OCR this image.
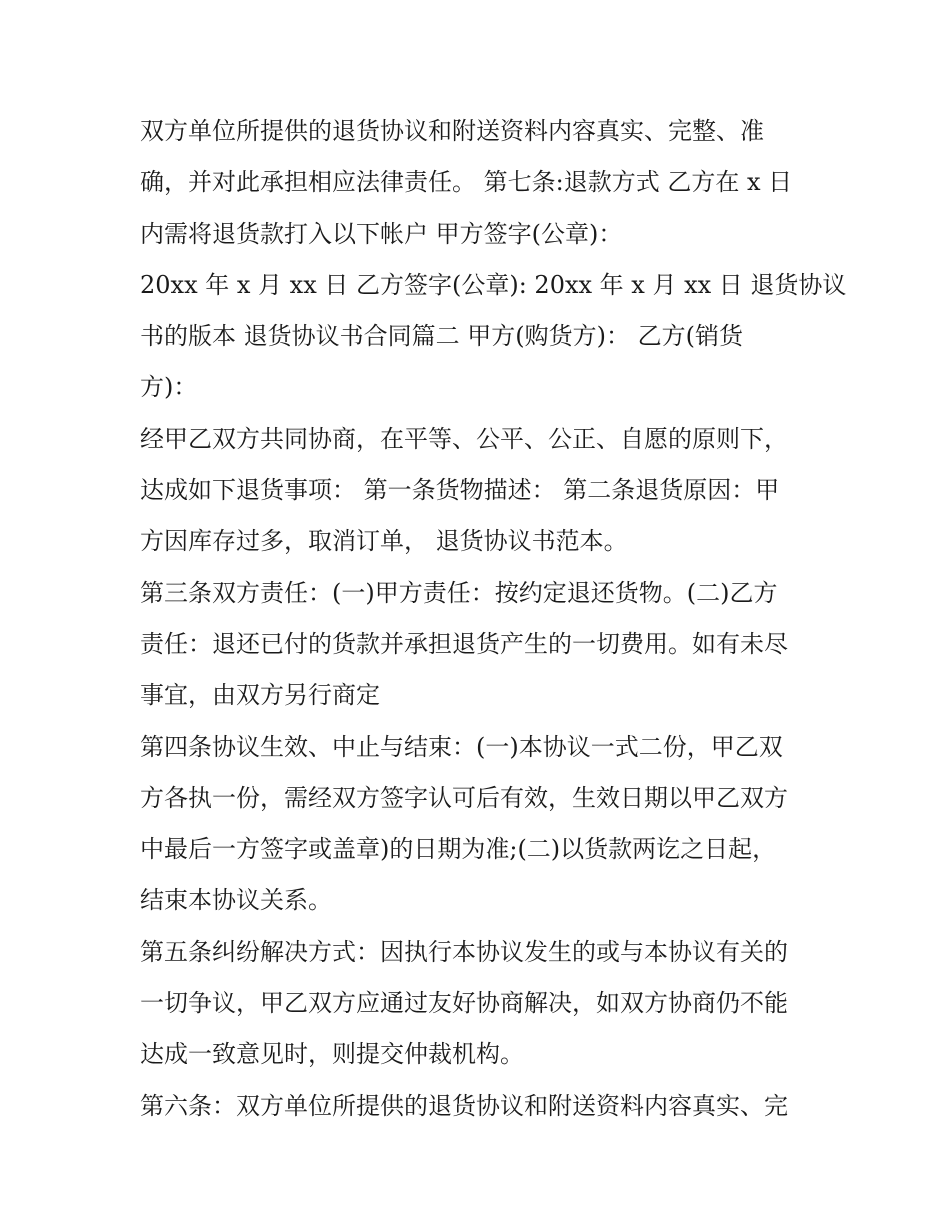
双方单位所提供的退货协议和附送资料内容真实、完整、准
确，并对此承担相应法律责任。 第七条:退款方式 乙方在 x 日
内需将退货款打入以下帐户 甲方签字(公章)：
20xx 年 x 月 xx 日 乙方签字(公章): 20xx 年 x 月 xx 日 退货协议
书的版本 退货协议书合同篇二 甲方(购货方)： 乙方(销货
方)：
经甲乙双方共同协商，在平等、公平、公正、自愿的原则下，
达成如下退货事项： 第一条货物描述： 第二条退货原因：甲
方因库存过多，取消订单， 退货协议书范本。
第三条双方责任：(一)甲方责任：按约定退还货物。(二)乙方
责任：退还已付的货款并承担退货产生的一切费用。如有未尽
事宜，由双方另行商定
第四条协议生效、中止与结束：(一)本协议一式二份，甲乙双
方各执一份，需经双方签字认可后有效，生效日期以甲乙双方
中最后一方签字或盖章)的日期为准;(二)以货款两讫之日起，
结束本协议关系。
第五条纠纷解决方式：因执行本协议发生的或与本协议有关的
一切争议，甲乙双方应通过友好协商解决，如双方协商仍不能
达成一致意见时，则提交仲裁机构。
第六条：双方单位所提供的退货协议和附送资料内容真实、完
